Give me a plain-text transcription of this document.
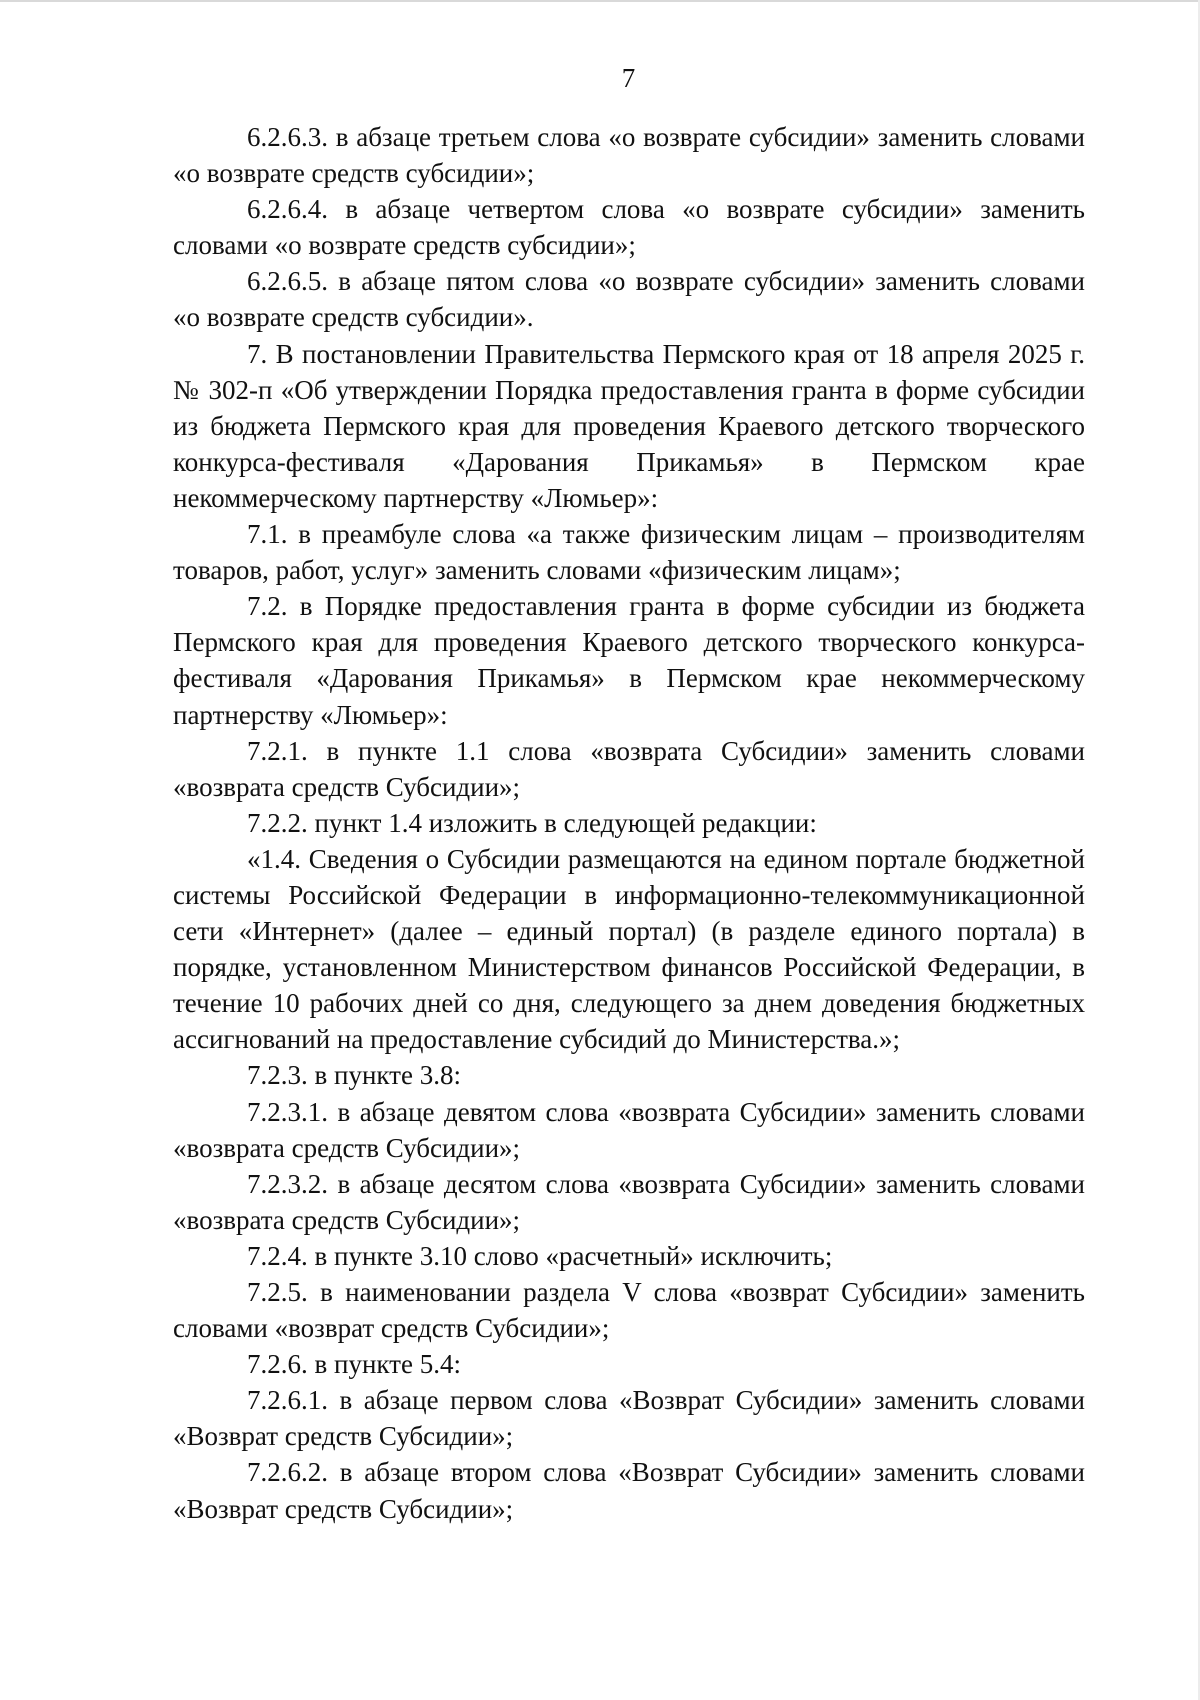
7

6.2.6.3. в абзаце третьем слова «о возврате субсидии» заменить словами «о возврате средств субсидии»;

6.2.6.4. в абзаце четвертом слова «о возврате субсидии» заменить словами «о возврате средств субсидии»;

6.2.6.5. в абзаце пятом слова «о возврате субсидии» заменить словами «о возврате средств субсидии».

7. В постановлении Правительства Пермского края от 18 апреля 2025 г. № 302-п «Об утверждении Порядка предоставления гранта в форме субсидии из бюджета Пермского края для проведения Краевого детского творческого конкурса-фестиваля «Дарования Прикамья» в Пермском крае некоммерческому партнерству «Люмьер»:

7.1. в преамбуле слова «а также физическим лицам – производителям товаров, работ, услуг» заменить словами «физическим лицам»;

7.2. в Порядке предоставления гранта в форме субсидии из бюджета Пермского края для проведения Краевого детского творческого конкурса-фестиваля «Дарования Прикамья» в Пермском крае некоммерческому партнерству «Люмьер»:

7.2.1. в пункте 1.1 слова «возврата Субсидии» заменить словами «возврата средств Субсидии»;

7.2.2. пункт 1.4 изложить в следующей редакции:

«1.4. Сведения о Субсидии размещаются на едином портале бюджетной системы Российской Федерации в информационно-телекоммуникационной сети «Интернет» (далее – единый портал) (в разделе единого портала) в порядке, установленном Министерством финансов Российской Федерации, в течение 10 рабочих дней со дня, следующего за днем доведения бюджетных ассигнований на предоставление субсидий до Министерства.»;

7.2.3. в пункте 3.8:

7.2.3.1. в абзаце девятом слова «возврата Субсидии» заменить словами «возврата средств Субсидии»;

7.2.3.2. в абзаце десятом слова «возврата Субсидии» заменить словами «возврата средств Субсидии»;

7.2.4. в пункте 3.10 слово «расчетный» исключить;

7.2.5. в наименовании раздела V слова «возврат Субсидии» заменить словами «возврат средств Субсидии»;

7.2.6. в пункте 5.4:

7.2.6.1. в абзаце первом слова «Возврат Субсидии» заменить словами «Возврат средств Субсидии»;

7.2.6.2. в абзаце втором слова «Возврат Субсидии» заменить словами «Возврат средств Субсидии»;
